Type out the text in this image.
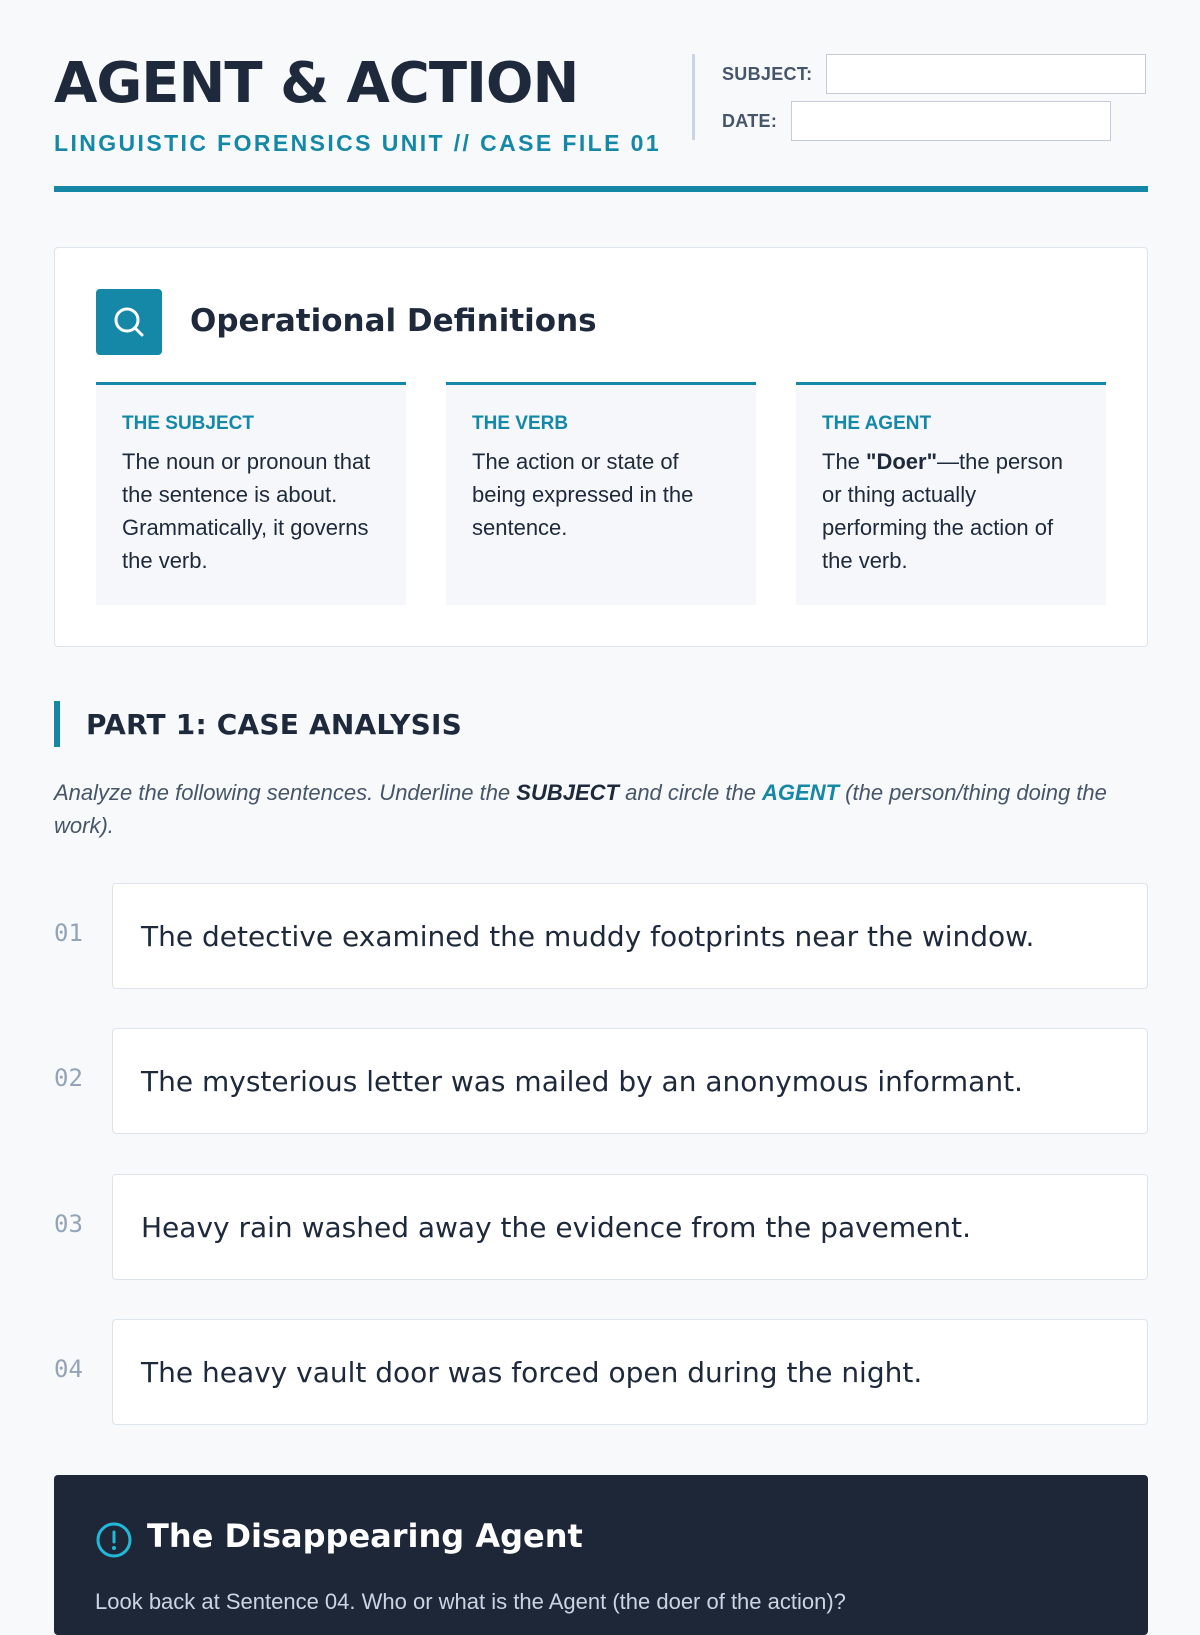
AGENT & ACTION
LINGUISTIC FORENSICS UNIT // CASE FILE 01
SUBJECT:
DATE:
Operational Definitions
THE SUBJECT
The noun or pronoun that the sentence is about. Grammatically, it governs the verb.
THE VERB
The action or state of being expressed in the sentence.
THE AGENT
The "Doer"—the person or thing actually performing the action of the verb.
PART 1: CASE ANALYSIS
Analyze the following sentences. Underline the SUBJECT and circle the AGENT (the person/thing doing the work).
01 The detective examined the muddy footprints near the window.
02 The mysterious letter was mailed by an anonymous informant.
03 Heavy rain washed away the evidence from the pavement.
04 The heavy vault door was forced open during the night.
The Disappearing Agent
Look back at Sentence 04. Who or what is the Agent (the doer of the action)?
